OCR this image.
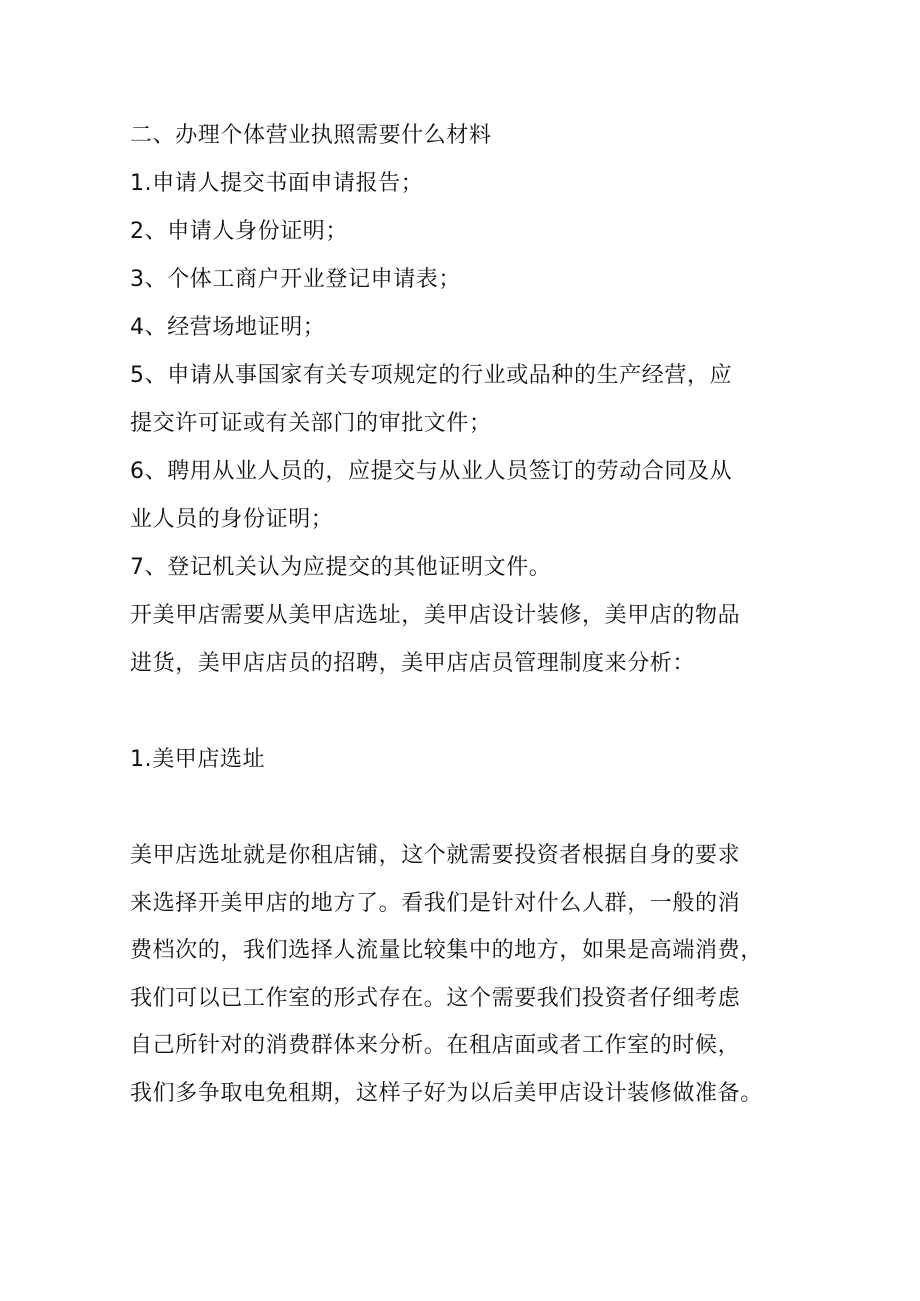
二、办理个体营业执照需要什么材料

1.申请人提交书面申请报告；

2、申请人身份证明；

3、个体工商户开业登记申请表；

4、经营场地证明；

5、申请从事国家有关专项规定的行业或品种的生产经营，应

提交许可证或有关部门的审批文件；

6、聘用从业人员的，应提交与从业人员签订的劳动合同及从

业人员的身份证明；

7、登记机关认为应提交的其他证明文件。

开美甲店需要从美甲店选址，美甲店设计装修，美甲店的物品

进货，美甲店店员的招聘，美甲店店员管理制度来分析：

1.美甲店选址

美甲店选址就是你租店铺，这个就需要投资者根据自身的要求

来选择开美甲店的地方了。看我们是针对什么人群，一般的消

费档次的，我们选择人流量比较集中的地方，如果是高端消费，

我们可以已工作室的形式存在。这个需要我们投资者仔细考虑

自己所针对的消费群体来分析。在租店面或者工作室的时候，

我们多争取电免租期，这样子好为以后美甲店设计装修做准备。
